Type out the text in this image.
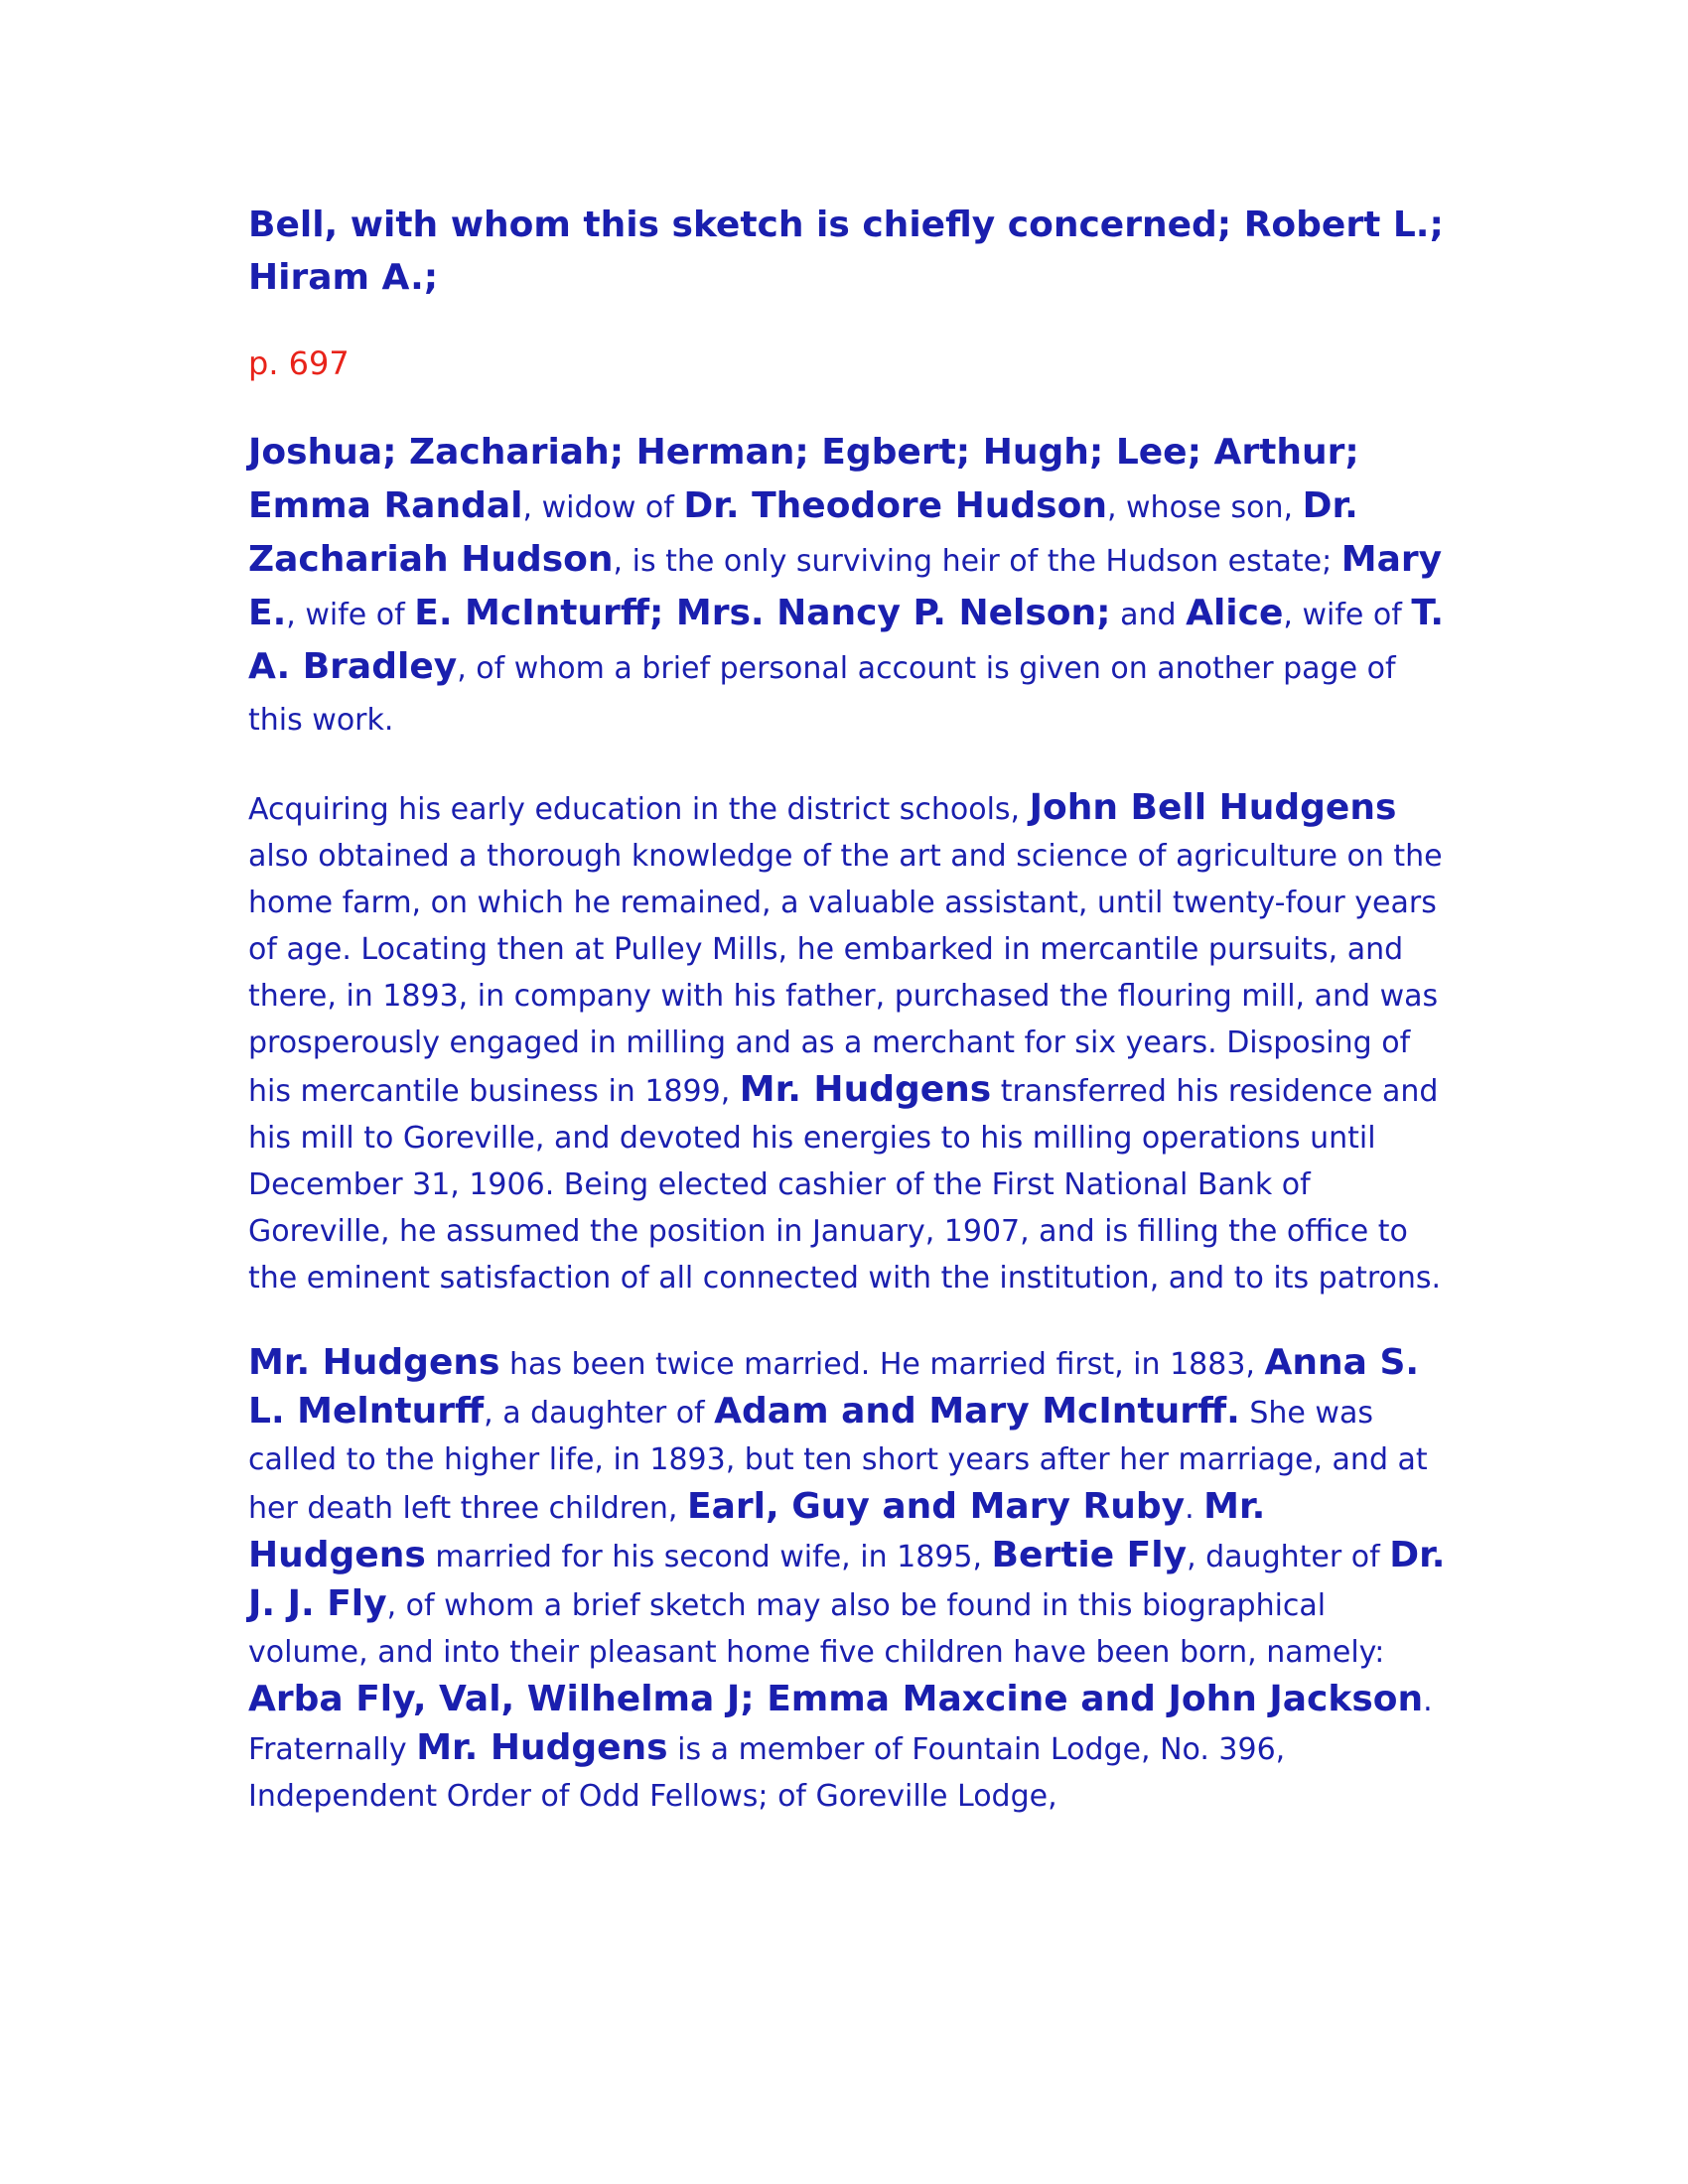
Bell, with whom this sketch is chiefly concerned; Robert L.; Hiram A.;

p. 697

Joshua; Zachariah; Herman; Egbert; Hugh; Lee; Arthur; Emma Randal, widow of Dr. Theodore Hudson, whose son, Dr. Zachariah Hudson, is the only surviving heir of the Hudson estate; Mary E., wife of E. McInturff; Mrs. Nancy P. Nelson; and Alice, wife of T. A. Bradley, of whom a brief personal account is given on another page of this work.

Acquiring his early education in the district schools, John Bell Hudgens also obtained a thorough knowledge of the art and science of agriculture on the home farm, on which he remained, a valuable assistant, until twenty-four years of age. Locating then at Pulley Mills, he embarked in mercantile pursuits, and there, in 1893, in company with his father, purchased the flouring mill, and was prosperously engaged in milling and as a merchant for six years. Disposing of his mercantile business in 1899, Mr. Hudgens transferred his residence and his mill to Goreville, and devoted his energies to his milling operations until December 31, 1906. Being elected cashier of the First National Bank of Goreville, he assumed the position in January, 1907, and is filling the office to the eminent satisfaction of all connected with the institution, and to its patrons.

Mr. Hudgens has been twice married. He married first, in 1883, Anna S. L. Melnturff, a daughter of Adam and Mary McInturff. She was called to the higher life, in 1893, but ten short years after her marriage, and at her death left three children, Earl, Guy and Mary Ruby. Mr. Hudgens married for his second wife, in 1895, Bertie Fly, daughter of Dr. J. J. Fly, of whom a brief sketch may also be found in this biographical volume, and into their pleasant home five children have been born, namely: Arba Fly, Val, Wilhelma J; Emma Maxcine and John Jackson. Fraternally Mr. Hudgens is a member of Fountain Lodge, No. 396, Independent Order of Odd Fellows; of Goreville Lodge,
